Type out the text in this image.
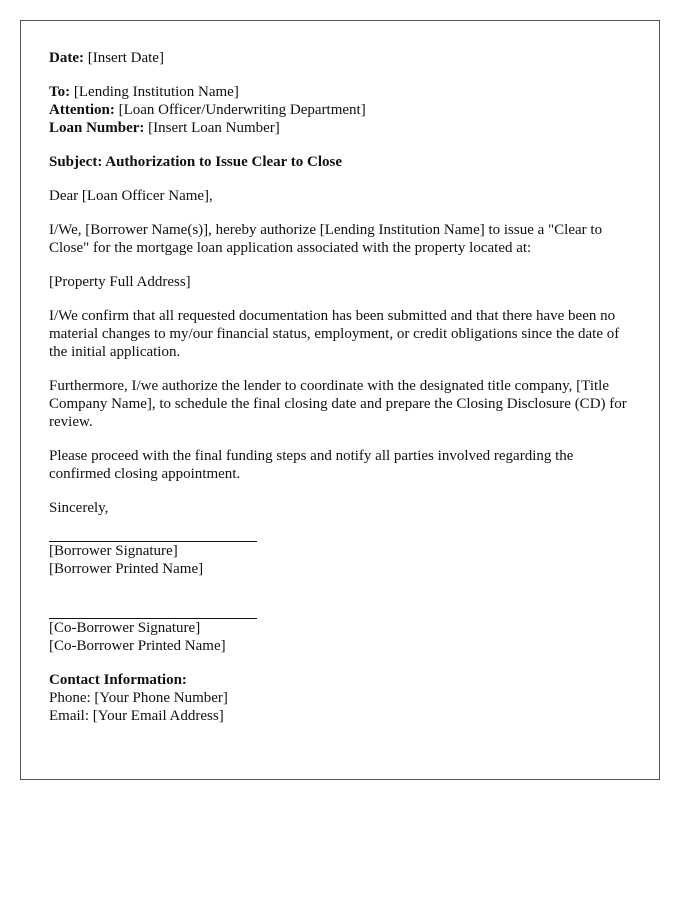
Date: [Insert Date]
To: [Lending Institution Name]
Attention: [Loan Officer/Underwriting Department]
Loan Number: [Insert Loan Number]
Subject: Authorization to Issue Clear to Close
Dear [Loan Officer Name],
I/We, [Borrower Name(s)], hereby authorize [Lending Institution Name] to issue a "Clear to Close" for the mortgage loan application associated with the property located at:
[Property Full Address]
I/We confirm that all requested documentation has been submitted and that there have been no material changes to my/our financial status, employment, or credit obligations since the date of the initial application.
Furthermore, I/we authorize the lender to coordinate with the designated title company, [Title Company Name], to schedule the final closing date and prepare the Closing Disclosure (CD) for review.
Please proceed with the final funding steps and notify all parties involved regarding the confirmed closing appointment.
Sincerely,
[Borrower Signature]
[Borrower Printed Name]
[Co-Borrower Signature]
[Co-Borrower Printed Name]
Contact Information:
Phone: [Your Phone Number]
Email: [Your Email Address]
